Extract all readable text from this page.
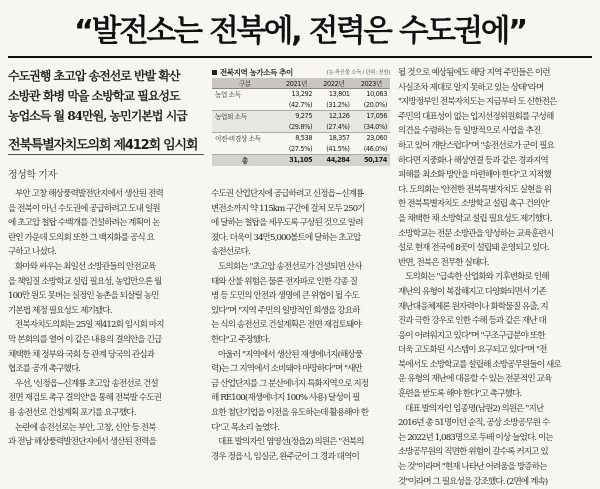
“발전소는 전북에, 전력은 수도권에”
수도권행 초고압 송전선로 반발 확산
소방관 화병 막을 소방학교 필요성도
농업소득 월 84만원, 농민기본법 시급
전북특별자치도의회 제412회 임시회
정성학 기자
전북지역 농가소득 추이	(농·축산물 소득 / 단위: 천원)
구분	2021년	2022년	2023년
농업 소득	13,292	13,801	10,063
	(42.7%)	(31.2%)	(20.0%)
농업외 소득	9,275	12,126	17,056
	(29.8%)	(27.4%)	(34.0%)
이전-비경상 소득	8,538	18,357	23,060
	(27.5%)	(41.5%)	(46.0%)
총	31,105	44,284	50,174

부안 고창 해상풍력발전단지에서 생산된 전력

을 전북이 아닌 수도권에 공급하려고 도내 일원

에 초고압 철탑 수백개를 건설하려는 계획이 논

란인 가운데 도의회 또한 그 백지화를 공식 요

구하고 나섰다.

화마와 싸우는 최일선 소방관들의 안전교육

을 책임질 소방학교 설립 필요성, 농업만으론 월

100만 원도 못버는 실정인 농촌을 되살릴 농민

기본법 제정 필요성도 제기됐다.

전북자치도의회는 25일 제412회 임시회 마지

막 본회의를 열어 이 같은 내용의 결의안을 긴급

채택한 채 정부와 국회 등 관계 당국의 관심과

협조를 공개 촉구했다.

우선, '신정읍~신계룡 초고압 송전선로 건설

전면 재검토 촉구 결의안'을 통해 전북발 수도권

용 송전선로 건설계획 포기를 요구했다.

논란에 송전선로는 부안, 고창, 신안 등 전북

과 전남 해상풍력발전단지에서 생산된 전력을

수도권 산업단지에 공급하려고 신정읍~신계룡

변전소까지 약 115km 구간에 걸쳐 모두 250기

에 달하는 철탑을 세우도록 구상된 것으로 알려

졌다. 더욱이 34만5,000볼트에 달하는 초고압

송전선로다.

도의회는 "초고압 송전선로가 건설되면 산사

태와 산불 위험은 물론 전자파로 인한 각종 질

병 등 도민의 안전과 생명에 큰 위협이 될 수도

있다"며 "지역 주민의 일방적인 희생을 강요하

는 식의 송전선로 건설계획은 전면 재검토돼야

한다"고 주장했다.

아울러 "지역에서 생산된 재생에너지(해상풍

력)는 그 지역에서 소비돼야 마땅하다"며 "새만

금 산업단지를 그 분산에너지 특화지역으로 지정

해 RE100(재생에너지 100% 사용) 달성이 필

요한 첨단기업을 이전을 유도하는데 활용해야 한

다"고 목소리 높였다.

대표 발의자인 염영선(정읍2) 의원은 "전북의

경우 정읍시, 임실군, 완주군이 그 경과 대역이

될 것으로 예상됨에도 해당 지역 주민들은 이런

사실조차 제대로 알지 못하고 있는 상태"라며

"지방정부인 전북자치도는 지금부터 도 신한전은

주민의 대표성이 없는 입지선정위원회를 구성해

의견을 수렴하는 등 일방적으로 사업을 추진

하고 있어 개탄스럽다"며 "송전선로가 군이 필요

하다면 지중화나 해상연결 등과 같은 경과지역

피해를 최소화 방안을 마련해야 한다"고 지적했

다. 도의회는 '안전한 전북특별자치도 실현을 위

한 전북특별자치도 소방학교 설립 촉구 건의안'

을 채택한 채 소방학교 설립 필요성도 제기했다.

소방학교는 전문 소방관을 양성하는 교육훈련시

설로 현재 전국에 8곳이 설립돼 운영되고 있다.

반면, 전북은 전무한 실태다.

도의회는 "급속한 산업화와 기후변화로 인해

재난의 유형이 복잡해지고 다양화되면서 기존

재난대응체제론 원자력이나 화학물질 유출, 지

진과 극한 강우로 인한 수해 등과 같은 재난 대

응이 어려워지고 있다"며 "구조구급분야 또한

더욱 고도화된 시스템이 요구되고 있다"며 "전

북에서도 소방학교를 설립해 소방공무원들이 새로

운 유형의 재난에 대응할 수 있는 전문적인 교육

훈련을 받도록 해야 한다"고 촉구했다.

대표 발의자인 임종명(남원2) 의원은 "지난

2016년 총 51명이던 순직, 공상 소방공무원 수

는 2022년 1,083명으로 두배 이상 늘었다. 이는

소방공무원의 직면한 위험이 갈수록 커지고 있

는 것"이라며 "현재 나타난 어려움을 방증하는

것"이라며 그 필요성을 강조했다. (2면에 계속)
